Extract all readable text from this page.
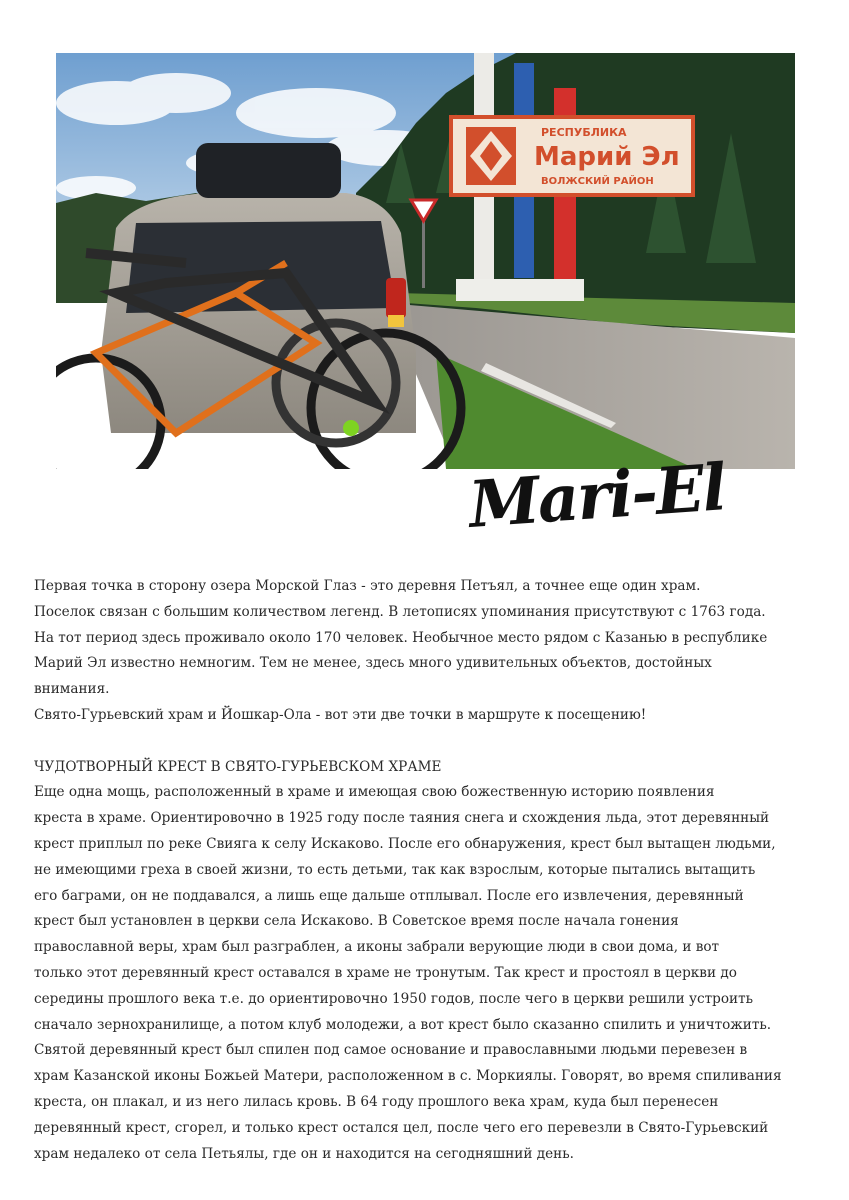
РЕСПУБЛИКА
Марий Эл
ВОЛЖСКИЙ РАЙОН
Mari-El

Первая точка в сторону озера Морской Глаз - это деревня Петъял, а точнее еще один храм.

Поселок связан с большим количеством легенд. В летописях упоминания присутствуют с 1763 года.

На тот период здесь проживало около 170 человек. Необычное место рядом с Казанью в республике

Марий Эл известно немногим. Тем не менее, здесь много удивительных объектов, достойных

внимания.

Свято-Гурьевский храм и Йошкар-Ола - вот эти две точки в маршруте к посещению!

ЧУДОТВОРНЫЙ КРЕСТ В СВЯТО-ГУРЬЕВСКОМ ХРАМЕ

Еще одна мощь, расположенный в храме и имеющая свою божественную историю появления

креста в храме. Ориентировочно в 1925 году после таяния снега и схождения льда, этот деревянный

крест приплыл по реке Свияга к селу Искаково. После его обнаружения, крест был вытащен людьми,

не имеющими греха в своей жизни, то есть детьми, так как взрослым, которые пытались вытащить

его баграми, он не поддавался, а лишь еще дальше отплывал. После его извлечения, деревянный

крест был установлен в церкви села Искаково. В Советское время после начала гонения

православной веры, храм был разграблен, а иконы забрали верующие люди в свои дома, и вот

только этот деревянный крест оставался в храме не тронутым. Так крест и простоял в церкви до

середины прошлого века т.е. до ориентировочно 1950 годов, после чего в церкви решили устроить

сначало зернохранилище, а потом клуб молодежи, а вот крест было сказанно спилить и уничтожить.

Святой деревянный крест был спилен под самое основание и православными людьми перевезен в

храм Казанской иконы Божьей Матери, расположенном в с. Моркиялы. Говорят, во время спиливания

креста, он плакал, и из него лилась кровь. В 64 году прошлого века храм, куда был перенесен

деревянный крест, сгорел, и только крест остался цел, после чего его перевезли в Свято-Гурьевский

храм недалеко от села Петьялы, где он и находится на сегодняшний день.
